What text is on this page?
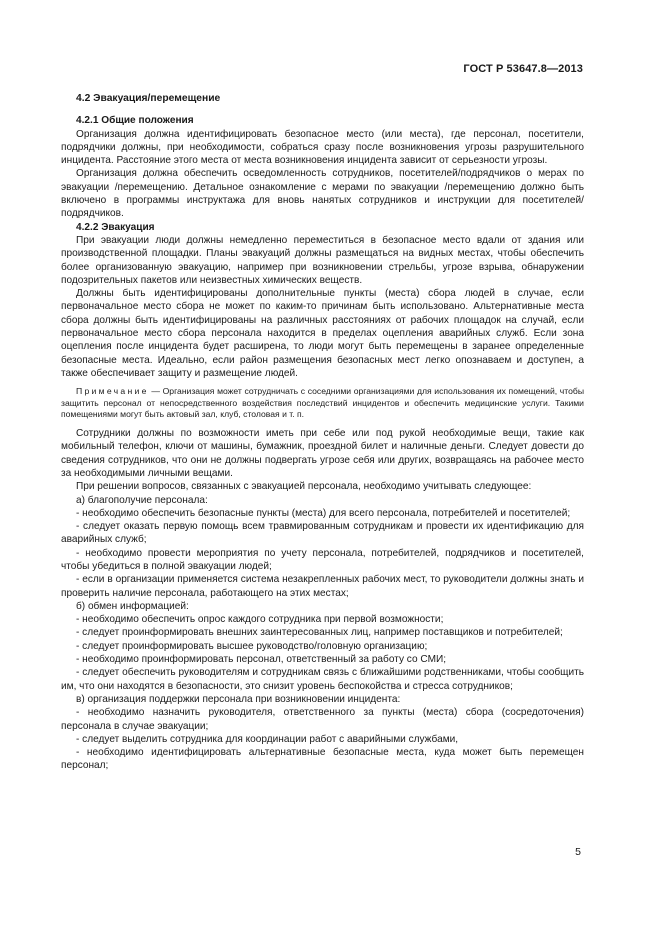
ГОСТ Р 53647.8—2013
4.2 Эвакуация/перемещение
4.2.1 Общие положения

Организация должна идентифицировать безопасное место (или места), где персонал, посетители, подрядчики должны, при необходимости, собраться сразу после возникновения угрозы разрушительного инцидента. Расстояние этого места от места возникновения инцидента зависит от серьезности угрозы.

Организация должна обеспечить осведомленность сотрудников, посетителей/подрядчиков о мерах по эвакуации /перемещению. Детальное ознакомление с мерами по эвакуации /перемещению должно быть включено в программы инструктажа для вновь нанятых сотрудников и инструкции для посетителей/подрядчиков.

4.2.2 Эвакуация

При эвакуации люди должны немедленно переместиться в безопасное место вдали от здания или производственной площадки. Планы эвакуаций должны размещаться на видных местах, чтобы обеспечить более организованную эвакуацию, например при возникновении стрельбы, угрозе взрыва, обнаружении подозрительных пакетов или неизвестных химических веществ.

Должны быть идентифицированы дополнительные пункты (места) сбора людей в случае, если первоначальное место сбора не может по каким-то причинам быть использовано. Альтернативные места сбора должны быть идентифицированы на различных расстояниях от рабочих площадок на случай, если первоначальное место сбора персонала находится в пределах оцепления аварийных служб. Если зона оцепления после инцидента будет расширена, то люди могут быть перемещены в заранее определенные безопасные места. Идеально, если район размещения безопасных мест легко опознаваем и доступен, а также обеспечивает защиту и размещение людей.

Примечание — Организация может сотрудничать с соседними организациями для использования их помещений, чтобы защитить персонал от непосредственного воздействия последствий инцидентов и обеспечить медицинские услуги. Такими помещениями могут быть актовый зал, клуб, столовая и т. п.

Сотрудники должны по возможности иметь при себе или под рукой необходимые вещи, такие как мобильный телефон, ключи от машины, бумажник, проездной билет и наличные деньги. Следует довести до сведения сотрудников, что они не должны подвергать угрозе себя или других, возвращаясь на рабочее место за необходимыми личными вещами.

При решении вопросов, связанных с эвакуацией персонала, необходимо учитывать следующее:

а) благополучие персонала:
- необходимо обеспечить безопасные пункты (места) для всего персонала, потребителей и посетителей;
- следует оказать первую помощь всем травмированным сотрудникам и провести их идентификацию для аварийных служб;
- необходимо провести мероприятия по учету персонала, потребителей, подрядчиков и посетителей, чтобы убедиться в полной эвакуации людей;
- если в организации применяется система незакрепленных рабочих мест, то руководители должны знать и проверить наличие персонала, работающего на этих местах;
б) обмен информацией:
- необходимо обеспечить опрос каждого сотрудника при первой возможности;
- следует проинформировать внешних заинтересованных лиц, например поставщиков и потребителей;
- следует проинформировать высшее руководство/головную организацию;
- необходимо проинформировать персонал, ответственный за работу со СМИ;
- следует обеспечить руководителям и сотрудникам связь с ближайшими родственниками, чтобы сообщить им, что они находятся в безопасности, это снизит уровень беспокойства и стресса сотрудников;
в) организация поддержки персонала при возникновении инцидента:
- необходимо назначить руководителя, ответственного за пункты (места) сбора (сосредоточения) персонала в случае эвакуации;
- следует выделить сотрудника для координации работ с аварийными службами,
- необходимо идентифицировать альтернативные безопасные места, куда может быть перемещен персонал;
5
